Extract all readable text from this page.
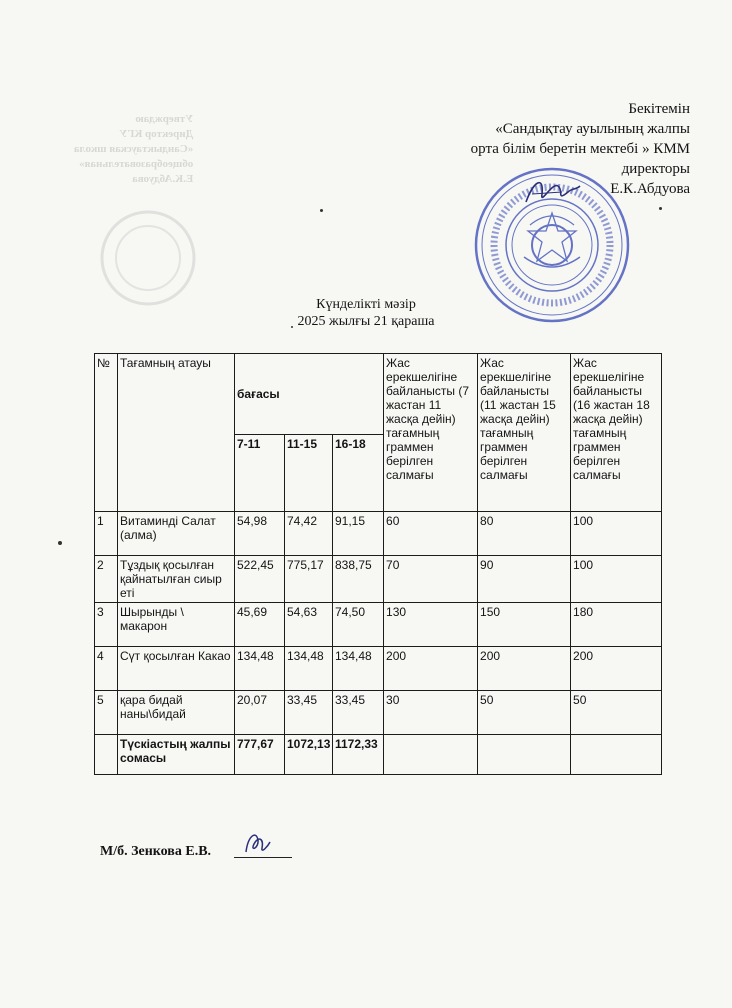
Утверждаю
Директор КГУ
«Сандыктауская школа
общеобразовательная»
Е.К.Абдуова
Бекітемін
«Сандықтау ауылының жалпы
орта білім беретін мектебі » КММ
директоры
Е.К.Абдуова
Күнделікті мәзір
2025 жылғы 21 қараша
№	Тағамның атауы	бағасы			Жас ерекшелігіне байланысты (7 жастан 11 жасқа дейін) тағамның граммен берілген салмағы	Жас ерекшелігіне байланысты (11 жастан 15 жасқа дейін) тағамның граммен берілген салмағы	Жас ерекшелігіне байланысты (16 жастан 18 жасқа дейін) тағамның граммен берілген салмағы
		7-11	11-15	16-18			
1	Витаминді Салат (алма)	54,98	74,42	91,15	60	80	100
2	Тұздық қосылған қайнатылған сиыр еті	522,45	775,17	838,75	70	90	100
3	Шырынды \ макарон	45,69	54,63	74,50	130	150	180
4	Сүт қосылған Какао	134,48	134,48	134,48	200	200	200
5	қара бидай наны\бидай	20,07	33,45	33,45	30	50	50
	Түскіастың жалпы сомасы	777,67	1072,13	1172,33			
М/б. Зенкова Е.В.
